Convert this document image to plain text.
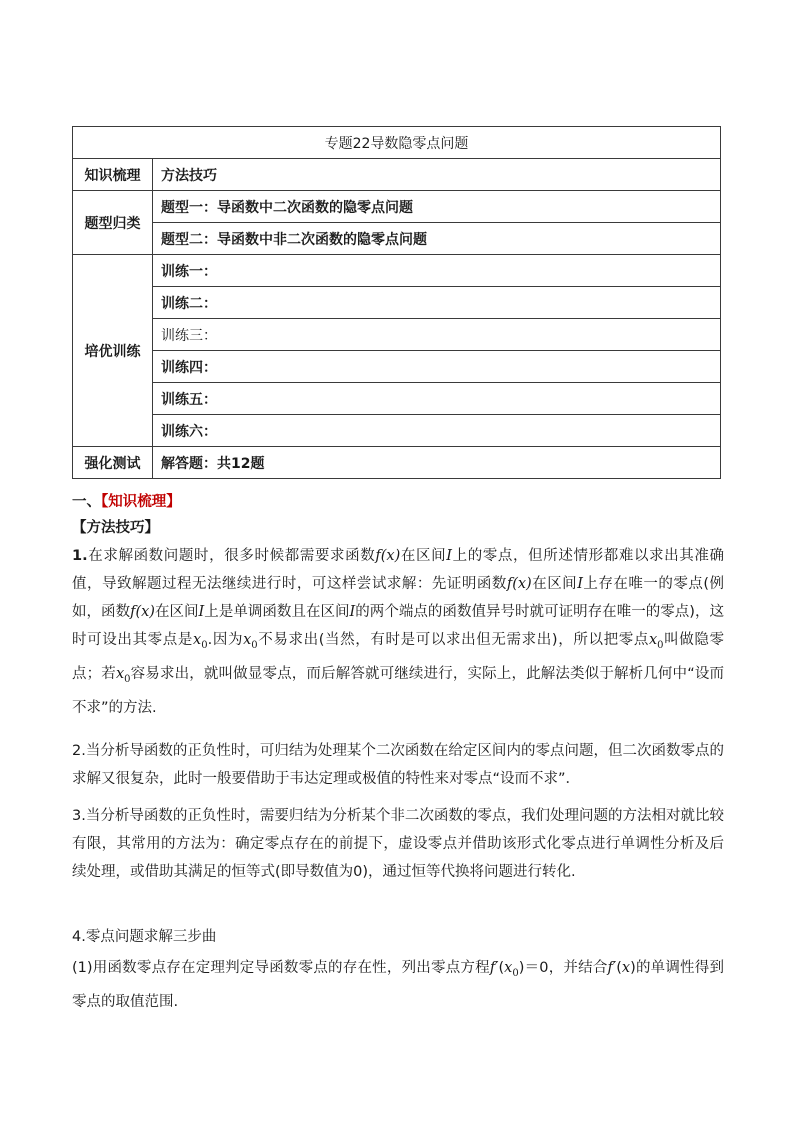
专题22导数隐零点问题	
知识梳理	方法技巧
题型归类	题型一：导函数中二次函数的隐零点问题
	题型二：导函数中非二次函数的隐零点问题
培优训练	训练一：
	训练二：
	训练三：
	训练四：
	训练五：
	训练六：
强化测试	解答题：共12题
一、【知识梳理】
【方法技巧】
1.在求解函数问题时，很多时候都需要求函数f(x)在区间I上的零点，但所述情形都难以求出其准确值，导致解题过程无法继续进行时，可这样尝试求解：先证明函数f(x)在区间I上存在唯一的零点(例如，函数f(x)在区间I上是单调函数且在区间I的两个端点的函数值异号时就可证明存在唯一的零点)，这时可设出其零点是$x_0$.因为$x_0$不易求出(当然，有时是可以求出但无需求出)，所以把零点$x_0$叫做隐零点；若$x_0$容易求出，就叫做显零点，而后解答就可继续进行，实际上，此解法类似于解析几何中“设而不求”的方法.
2.当分析导函数的正负性时，可归结为处理某个二次函数在给定区间内的零点问题，但二次函数零点的求解又很复杂，此时一般要借助于韦达定理或极值的特性来对零点“设而不求”．
3.当分析导函数的正负性时，需要归结为分析某个非二次函数的零点，我们处理问题的方法相对就比较有限，其常用的方法为：确定零点存在的前提下，虚设零点并借助该形式化零点进行单调性分析及后续处理，或借助其满足的恒等式(即导数值为0)，通过恒等代换将问题进行转化.
4.零点问题求解三步曲
(1)用函数零点存在定理判定导函数零点的存在性，列出零点方程$f'(x_0)=0$，并结合f′(x)的单调性得到零点的取值范围.
